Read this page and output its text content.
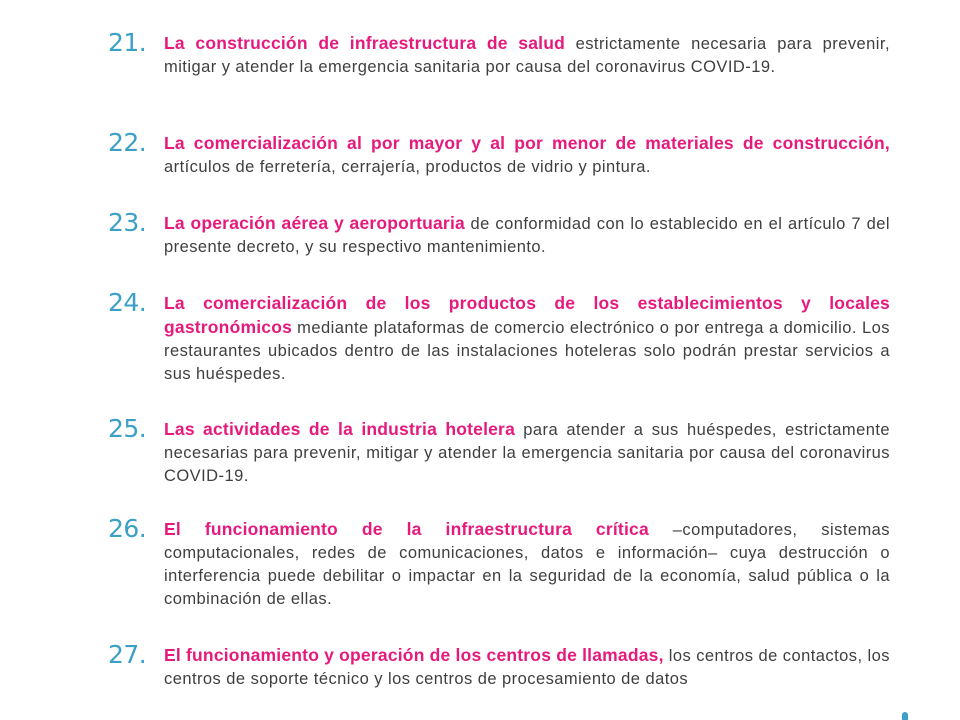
21. La construcción de infraestructura de salud estrictamente necesaria para prevenir, mitigar y atender la emergencia sanitaria por causa del coronavirus COVID-19.
22. La comercialización al por mayor y al por menor de materiales de construcción, artículos de ferretería, cerrajería, productos de vidrio y pintura.
23. La operación aérea y aeroportuaria de conformidad con lo establecido en el artículo 7 del presente decreto, y su respectivo mantenimiento.
24. La comercialización de los productos de los establecimientos y locales gastronómicos mediante plataformas de comercio electrónico o por entrega a domicilio. Los restaurantes ubicados dentro de las instalaciones hoteleras solo podrán prestar servicios a sus huéspedes.
25. Las actividades de la industria hotelera para atender a sus huéspedes, estrictamente necesarias para prevenir, mitigar y atender la emergencia sanitaria por causa del coronavirus COVID-19.
26. El funcionamiento de la infraestructura crítica –computadores, sistemas computacionales, redes de comunicaciones, datos e información– cuya destrucción o interferencia puede debilitar o impactar en la seguridad de la economía, salud pública o la combinación de ellas.
27. El funcionamiento y operación de los centros de llamadas, los centros de contactos, los centros de soporte técnico y los centros de procesamiento de datos
